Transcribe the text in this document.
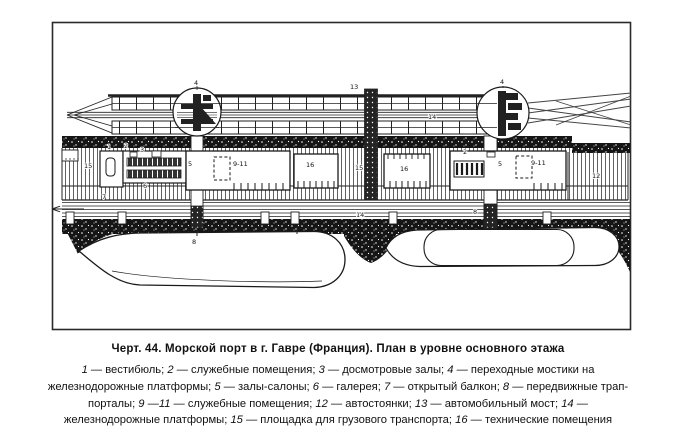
4	4
13
14
15
1 2 3
5	9-11	16	15	16
2
5	9-11
12
6
7
14
8
8
Черт. 44. Морской порт в г. Гавре (Франция). План в уровне основного этажа
1 — вестибюль; 2 — служебные помещения; 3 — досмотровые залы; 4 — переходные мостики на железнодорожные платформы; 5 — залы-салоны; 6 — галерея; 7 — открытый балкон; 8 — передвижные трап-порталы; 9 —11 — служебные помещения; 12 — автостоянки; 13 — автомобильный мост; 14 — железнодорожные платформы; 15 — площадка для грузового транспорта; 16 — технические помещения
